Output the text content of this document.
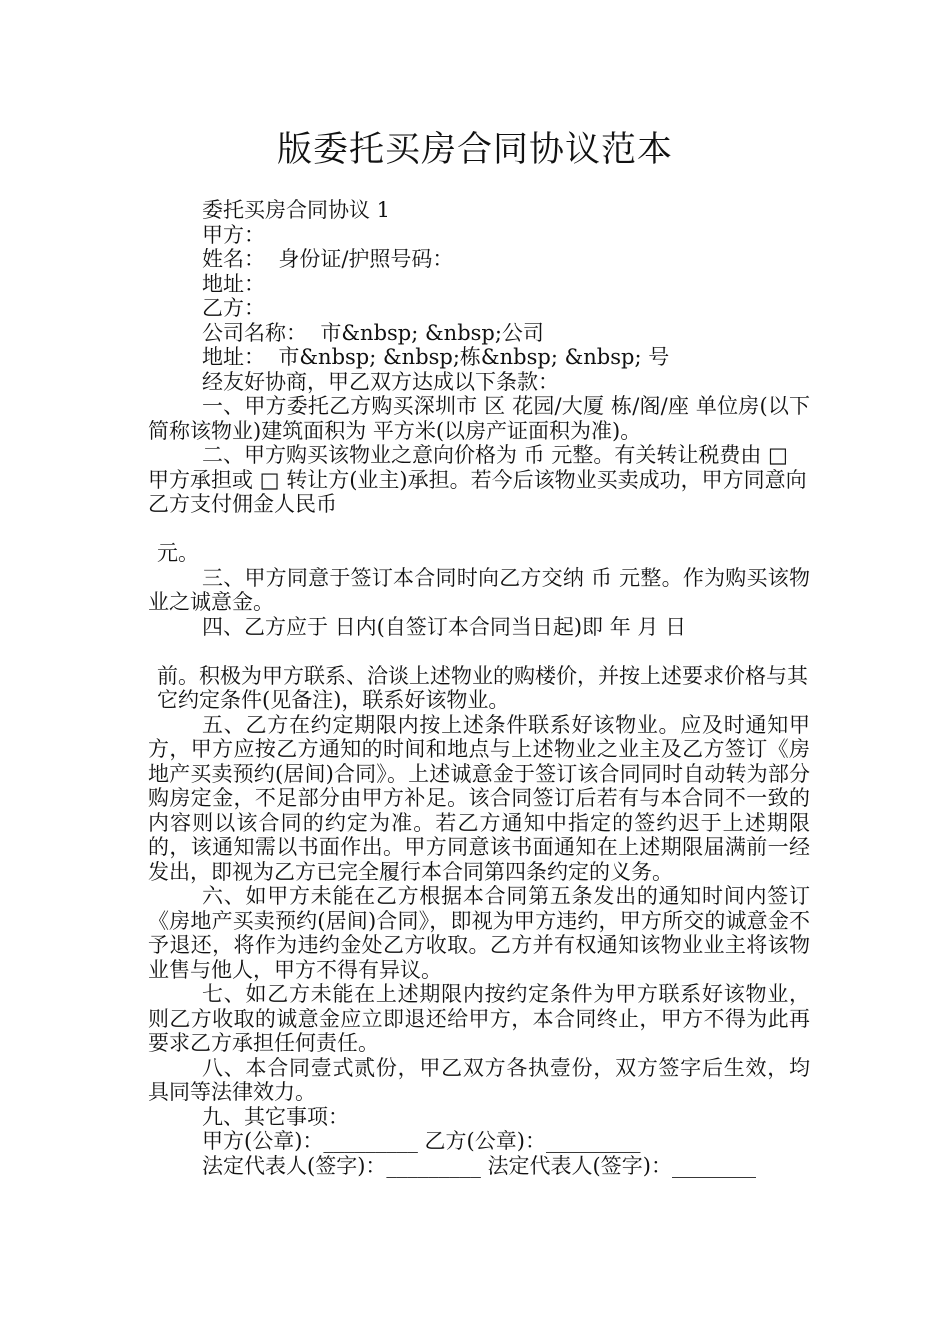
版委托买房合同协议范本
委托买房合同协议 1
甲方：
姓名：  身份证/护照号码：
地址：
乙方：
公司名称：  市&nbsp; &nbsp;公司
地址：  市&nbsp; &nbsp;栋&nbsp; &nbsp; 号
经友好协商，甲乙双方达成以下条款：
一、甲方委托乙方购买深圳市 区 花园/大厦 栋/阁/座 单位房(以下简称该物业)建筑面积为 平方米(以房产证面积为准)。
二、甲方购买该物业之意向价格为 币 元整。有关转让税费由 □ 甲方承担或 □ 转让方(业主)承担。若今后该物业买卖成功，甲方同意向乙方支付佣金人民币
元。
三、甲方同意于签订本合同时向乙方交纳 币 元整。作为购买该物业之诚意金。
四、乙方应于 日内(自签订本合同当日起)即 年 月 日
前。积极为甲方联系、洽谈上述物业的购楼价，并按上述要求价格与其它约定条件(见备注)，联系好该物业。
五、乙方在约定期限内按上述条件联系好该物业。应及时通知甲方，甲方应按乙方通知的时间和地点与上述物业之业主及乙方签订《房地产买卖预约(居间)合同》。上述诚意金于签订该合同同时自动转为部分购房定金，不足部分由甲方补足。该合同签订后若有与本合同不一致的内容则以该合同的约定为准。若乙方通知中指定的签约迟于上述期限的，该通知需以书面作出。甲方同意该书面通知在上述期限届满前一经发出，即视为乙方已完全履行本合同第四条约定的义务。
六、如甲方未能在乙方根据本合同第五条发出的通知时间内签订《房地产买卖预约(居间)合同》，即视为甲方违约，甲方所交的诚意金不予退还，将作为违约金处乙方收取。乙方并有权通知该物业业主将该物业售与他人，甲方不得有异议。
七、如乙方未能在上述期限内按约定条件为甲方联系好该物业，则乙方收取的诚意金应立即退还给甲方，本合同终止，甲方不得为此再要求乙方承担任何责任。
八、本合同壹式贰份，甲乙双方各执壹份，双方签字后生效，均具同等法律效力。
九、其它事项：
甲方(公章)：_________ 乙方(公章)：_________
法定代表人(签字)：_________ 法定代表人(签字)：________
